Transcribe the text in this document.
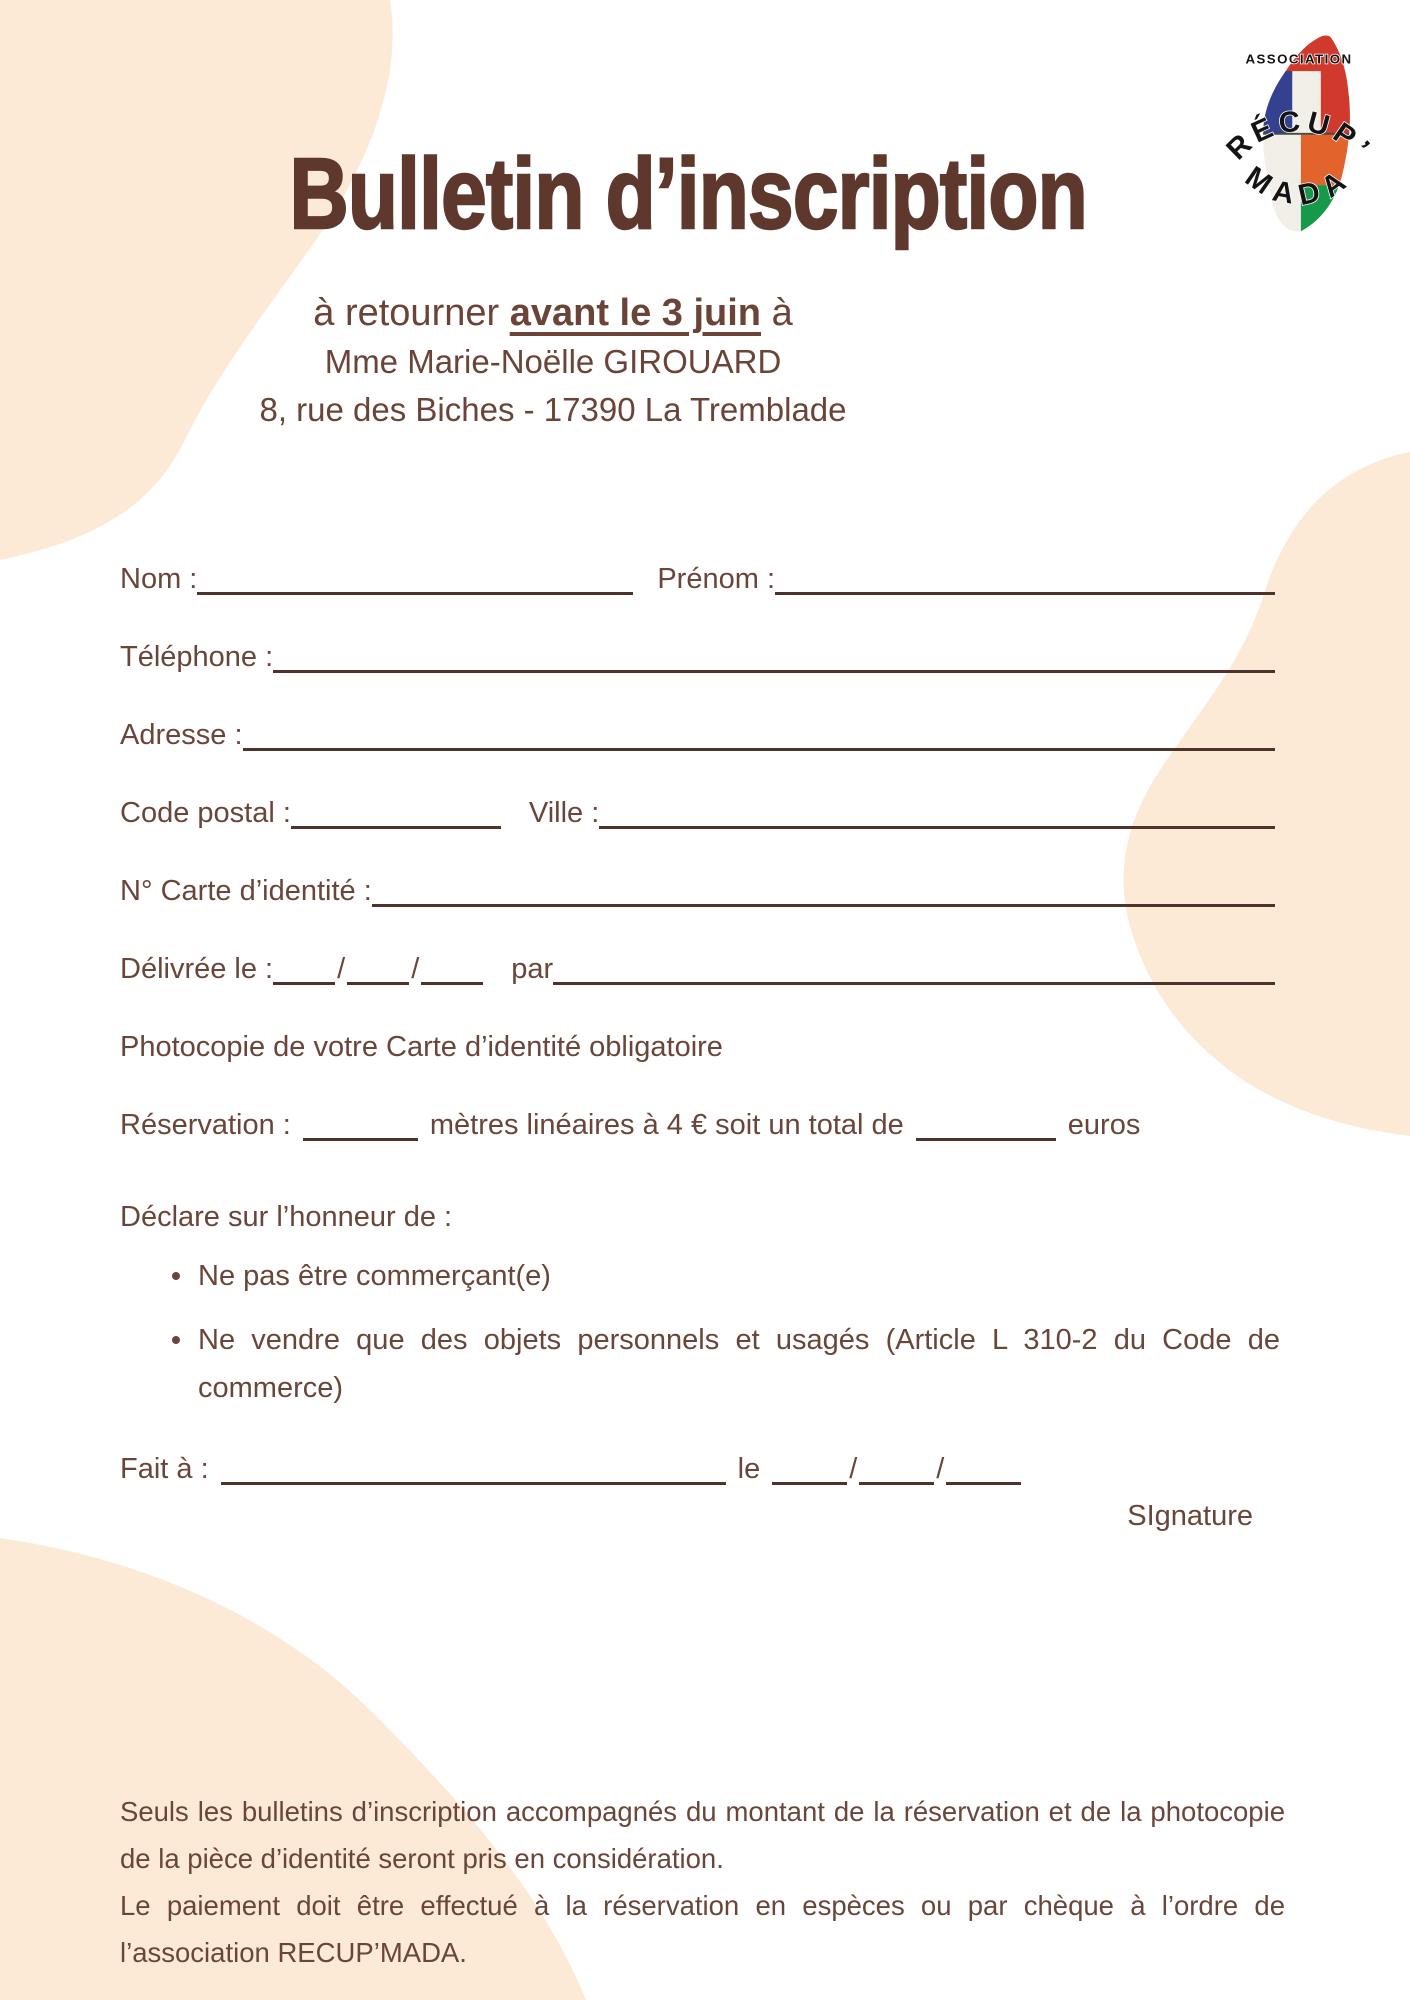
Bulletin d’inscription
ASSOCIATION
RÉCUP’
MADA
à retourner avant le 3 juin à
Mme Marie-Noëlle GIROUARD
8, rue des Biches - 17390 La Tremblade
Nom :	Prénom :
Téléphone :
Adresse :
Code postal :	Ville :
N° Carte d’identité :
Délivrée le : / /	par
Photocopie de votre Carte d’identité obligatoire
Réservation :	mètres linéaires à 4 € soit un total de	euros
Déclare sur l’honneur de :
Ne pas être commerçant(e)
Ne vendre que des objets personnels et usagés (Article L 310-2 du Code de commerce)
Fait à :	le	/	/
SIgnature

Seuls les bulletins d’inscription accompagnés du montant de la réservation et de la photocopie de la pièce d’identité seront pris en considération.

Le paiement doit être effectué à la réservation en espèces ou par chèque à l’ordre de l’association RECUP’MADA.
